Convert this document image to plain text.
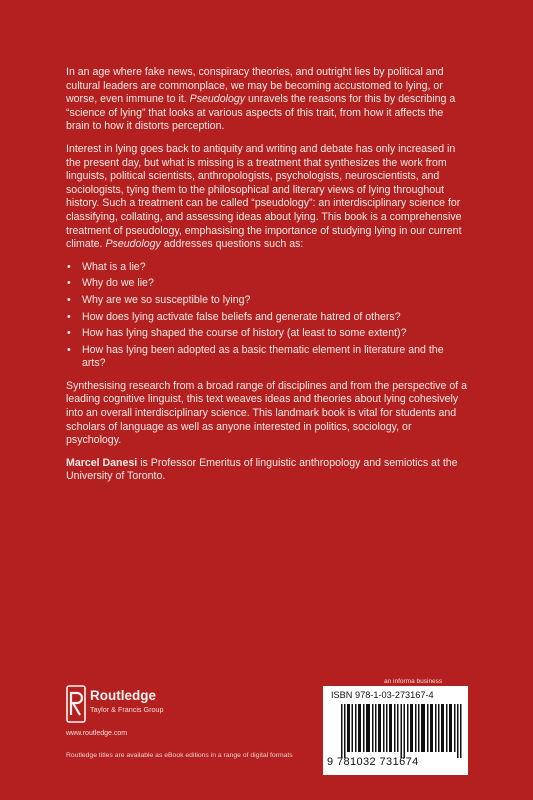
In an age where fake news, conspiracy theories, and outright lies by political and cultural leaders are commonplace, we may be becoming accustomed to lying, or worse, even immune to it. Pseudology unravels the reasons for this by describing a “science of lying” that looks at various aspects of this trait, from how it affects the brain to how it distorts perception.

Interest in lying goes back to antiquity and writing and debate has only increased in the present day, but what is missing is a treatment that synthesizes the work from linguists, political scientists, anthropologists, psychologists, neuroscientists, and sociologists, tying them to the philosophical and literary views of lying throughout history. Such a treatment can be called “pseudology”: an interdisciplinary science for classifying, collating, and assessing ideas about lying. This book is a comprehensive treatment of pseudology, emphasising the importance of studying lying in our current climate. Pseudology addresses questions such as:

• What is a lie?
• Why do we lie?
• Why are we so susceptible to lying?
• How does lying activate false beliefs and generate hatred of others?
• How has lying shaped the course of history (at least to some extent)?
• How has lying been adopted as a basic thematic element in literature and the arts?

Synthesising research from a broad range of disciplines and from the perspective of a leading cognitive linguist, this text weaves ideas and theories about lying cohesively into an overall interdisciplinary science. This landmark book is vital for students and scholars of language as well as anyone interested in politics, sociology, or psychology.

Marcel Danesi is Professor Emeritus of linguistic anthropology and semiotics at the University of Toronto.

Routledge
Taylor & Francis Group
www.routledge.com
Routledge titles are available as eBook editions in a range of digital formats
an informa business
ISBN 978-1-03-273167-4
9 781032 731674
